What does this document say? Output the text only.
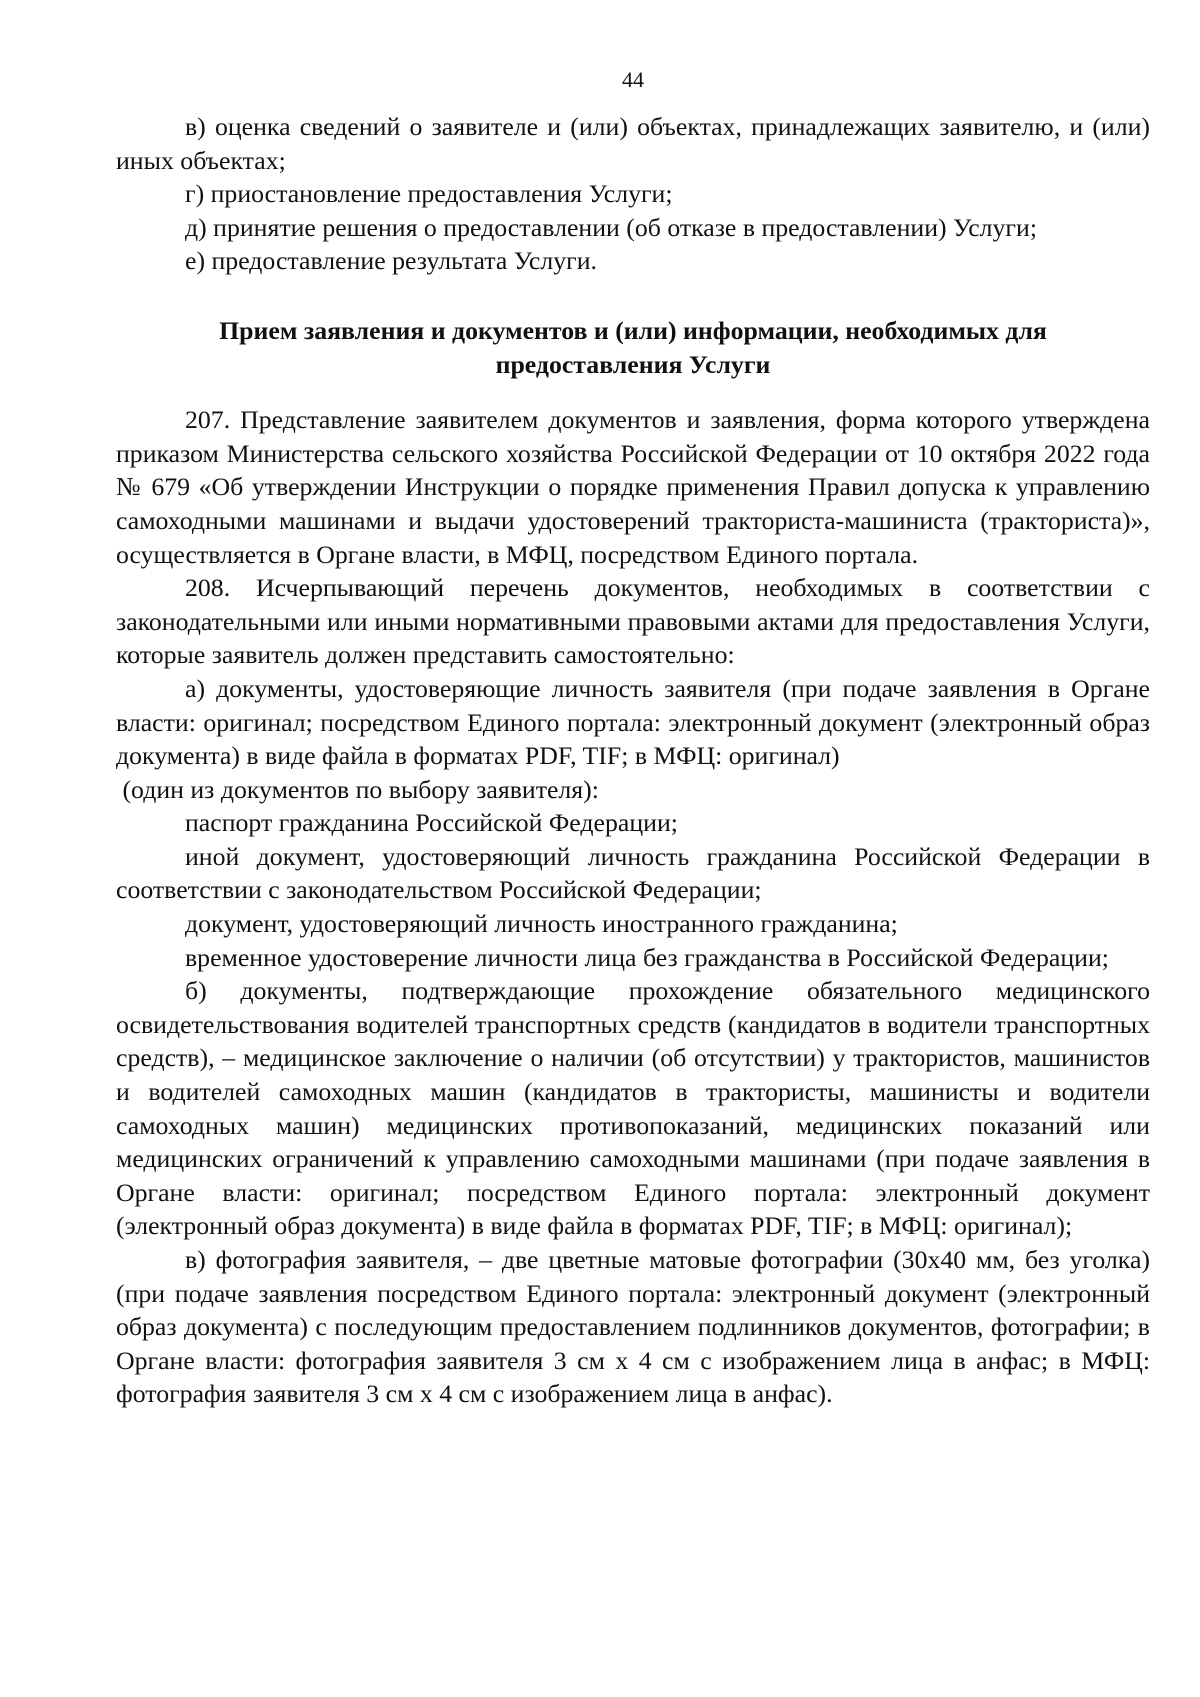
44

в) оценка сведений о заявителе и (или) объектах, принадлежащих заявителю, и (или) иных объектах;

г) приостановление предоставления Услуги;

д) принятие решения о предоставлении (об отказе в предоставлении) Услуги;

е) предоставление результата Услуги.

Прием заявления и документов и (или) информации, необходимых для
предоставления Услуги

207. Представление заявителем документов и заявления, форма которого утверждена приказом Министерства сельского хозяйства Российской Федерации от 10 октября 2022 года № 679 «Об утверждении Инструкции о порядке применения Правил допуска к управлению самоходными машинами и выдачи удостоверений тракториста-машиниста (тракториста)», осуществляется в Органе власти, в МФЦ, посредством Единого портала.

208. Исчерпывающий перечень документов, необходимых в соответствии с законодательными или иными нормативными правовыми актами для предоставления Услуги, которые заявитель должен представить самостоятельно:

а) документы, удостоверяющие личность заявителя (при подаче заявления в Органе власти: оригинал; посредством Единого портала: электронный документ (электронный образ документа) в виде файла в форматах PDF, TIF; в МФЦ: оригинал)

(один из документов по выбору заявителя):

паспорт гражданина Российской Федерации;

иной документ, удостоверяющий личность гражданина Российской Федерации в соответствии с законодательством Российской Федерации;

документ, удостоверяющий личность иностранного гражданина;

временное удостоверение личности лица без гражданства в Российской Федерации;

б) документы, подтверждающие прохождение обязательного медицинского освидетельствования водителей транспортных средств (кандидатов в водители транспортных средств), – медицинское заключение о наличии (об отсутствии) у трактористов, машинистов и водителей самоходных машин (кандидатов в трактористы, машинисты и водители самоходных машин) медицинских противопоказаний, медицинских показаний или медицинских ограничений к управлению самоходными машинами (при подаче заявления в Органе власти: оригинал; посредством Единого портала: электронный документ (электронный образ документа) в виде файла в форматах PDF, TIF; в МФЦ: оригинал);

в) фотография заявителя, – две цветные матовые фотографии (30x40 мм, без уголка) (при подаче заявления посредством Единого портала: электронный документ (электронный образ документа) с последующим предоставлением подлинников документов, фотографии; в Органе власти: фотография заявителя 3 см x 4 см с изображением лица в анфас; в МФЦ: фотография заявителя 3 см x 4 см с изображением лица в анфас).
